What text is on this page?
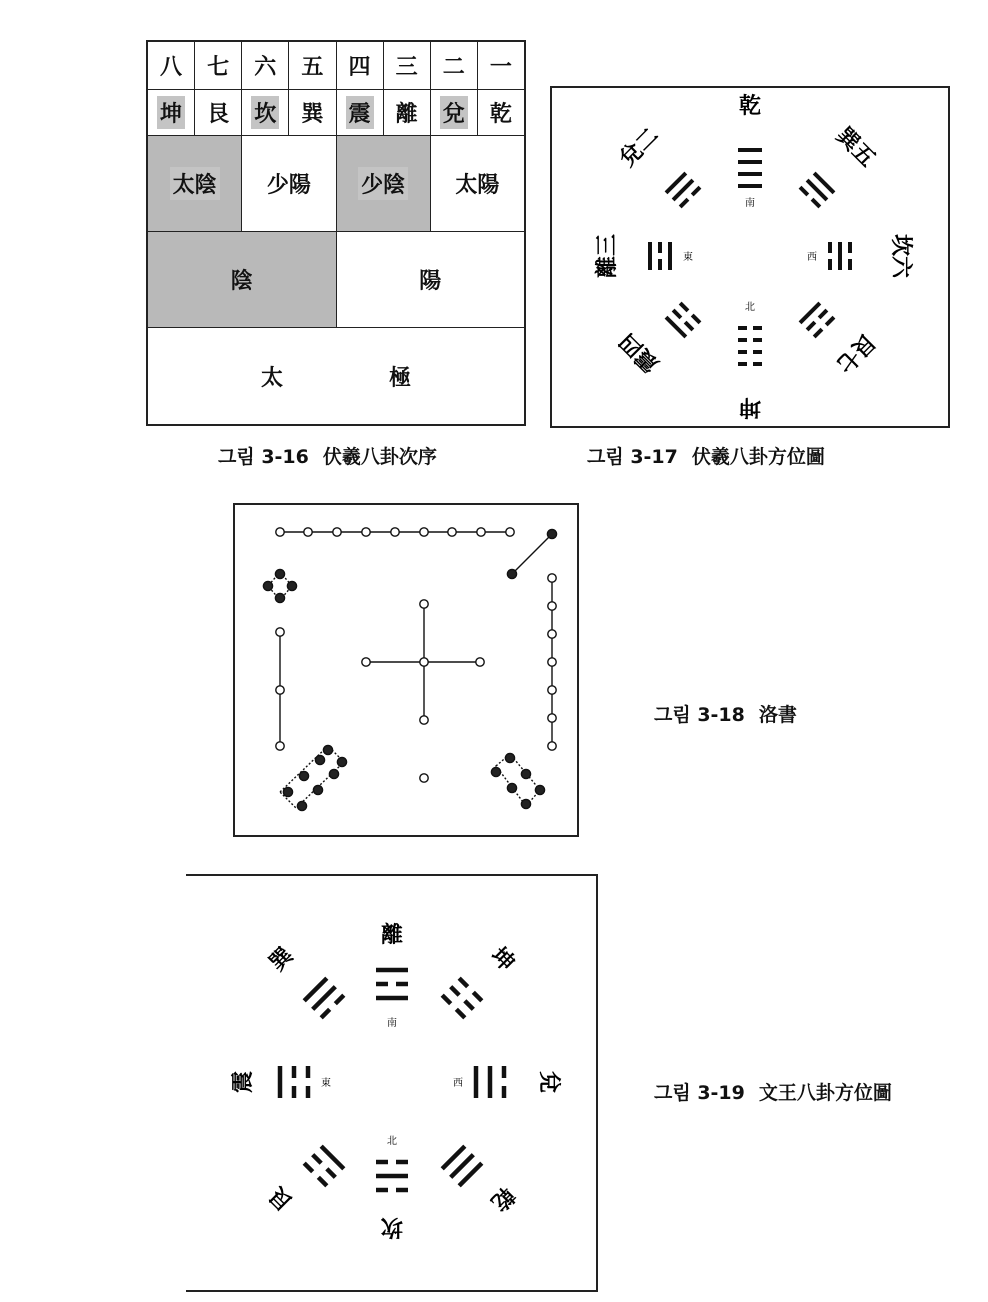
八	七	六	五	四	三	二	一
坤 艮 坎 巽 震 離 兌 乾
太陰	少陽	少陰	太陽
陰	陽
太	極
그림 3-16 伏羲八卦次序
乾
坤
兌二	巽五
離三	坎六
震四	艮七
南
北
東	西
그림 3-17 伏羲八卦方位圖
그림 3-18 洛書
離
坎
巽	坤
震	兌
艮	乾
南
北
東	西	그림 3-19 文王八卦方位圖
